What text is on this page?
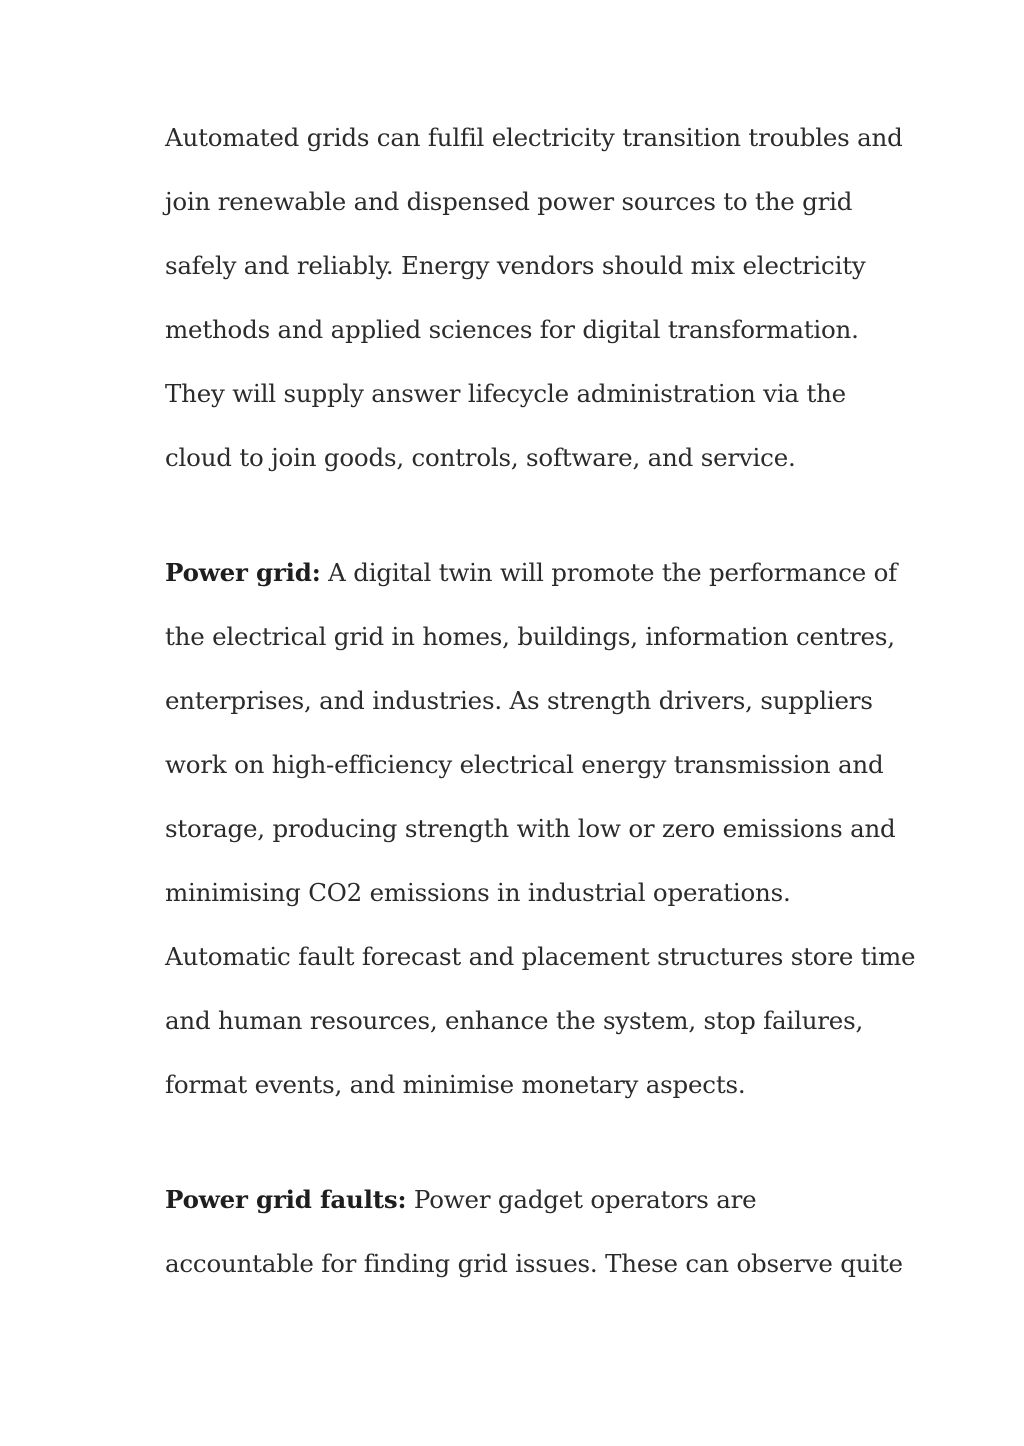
Automated grids can fulfil electricity transition troubles and
join renewable and dispensed power sources to the grid
safely and reliably. Energy vendors should mix electricity
methods and applied sciences for digital transformation.
They will supply answer lifecycle administration via the
cloud to join goods, controls, software, and service.
Power grid: A digital twin will promote the performance of
the electrical grid in homes, buildings, information centres,
enterprises, and industries. As strength drivers, suppliers
work on high-efficiency electrical energy transmission and
storage, producing strength with low or zero emissions and
minimising CO2 emissions in industrial operations.
Automatic fault forecast and placement structures store time
and human resources, enhance the system, stop failures,
format events, and minimise monetary aspects.
Power grid faults: Power gadget operators are
accountable for finding grid issues. These can observe quite
